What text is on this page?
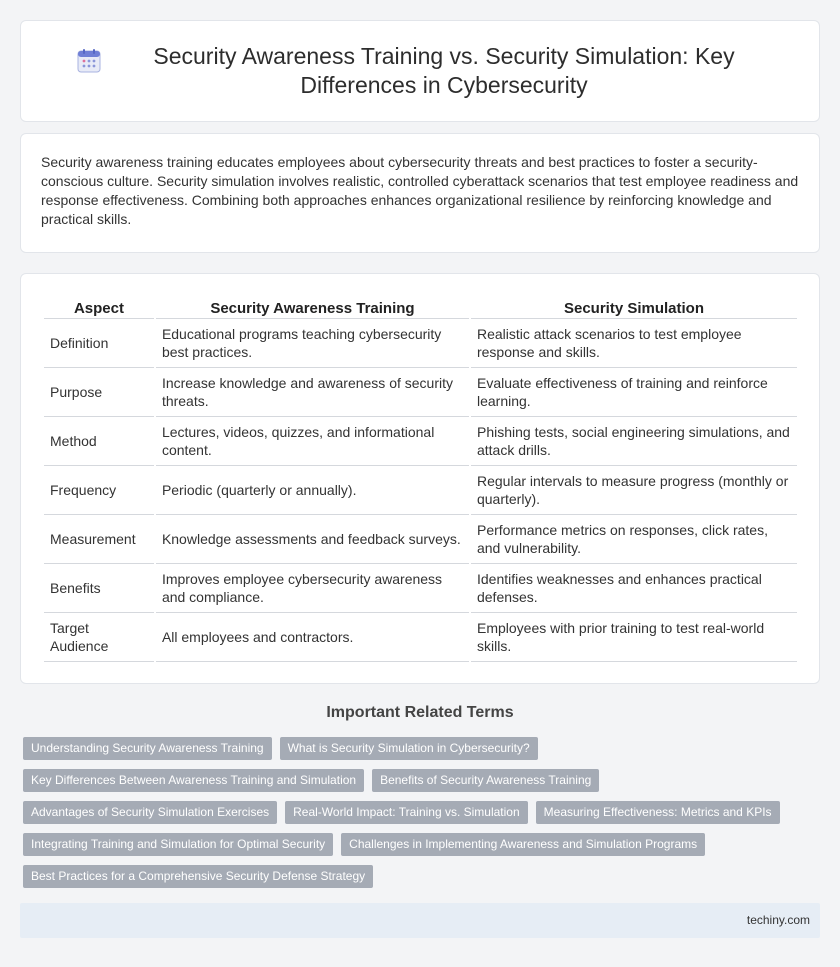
Security Awareness Training vs. Security Simulation: Key Differences in Cybersecurity

Security awareness training educates employees about cybersecurity threats and best practices to foster a security-conscious culture. Security simulation involves realistic, controlled cyberattack scenarios that test employee readiness and response effectiveness. Combining both approaches enhances organizational resilience by reinforcing knowledge and practical skills.

Aspect	Security Awareness Training	Security Simulation
Definition	Educational programs teaching cybersecurity best practices.	Realistic attack scenarios to test employee response and skills.
Purpose	Increase knowledge and awareness of security threats.	Evaluate effectiveness of training and reinforce learning.
Method	Lectures, videos, quizzes, and informational content.	Phishing tests, social engineering simulations, and attack drills.
Frequency	Periodic (quarterly or annually).	Regular intervals to measure progress (monthly or quarterly).
Measurement	Knowledge assessments and feedback surveys.	Performance metrics on responses, click rates, and vulnerability.
Benefits	Improves employee cybersecurity awareness and compliance.	Identifies weaknesses and enhances practical defenses.
Target Audience	All employees and contractors.	Employees with prior training to test real-world skills.
Important Related Terms
Understanding Security Awareness Training	What is Security Simulation in Cybersecurity?
Key Differences Between Awareness Training and Simulation	Benefits of Security Awareness Training
Advantages of Security Simulation Exercises	Real-World Impact: Training vs. Simulation	Measuring Effectiveness: Metrics and KPIs
Integrating Training and Simulation for Optimal Security	Challenges in Implementing Awareness and Simulation Programs
Best Practices for a Comprehensive Security Defense Strategy
techiny.com
